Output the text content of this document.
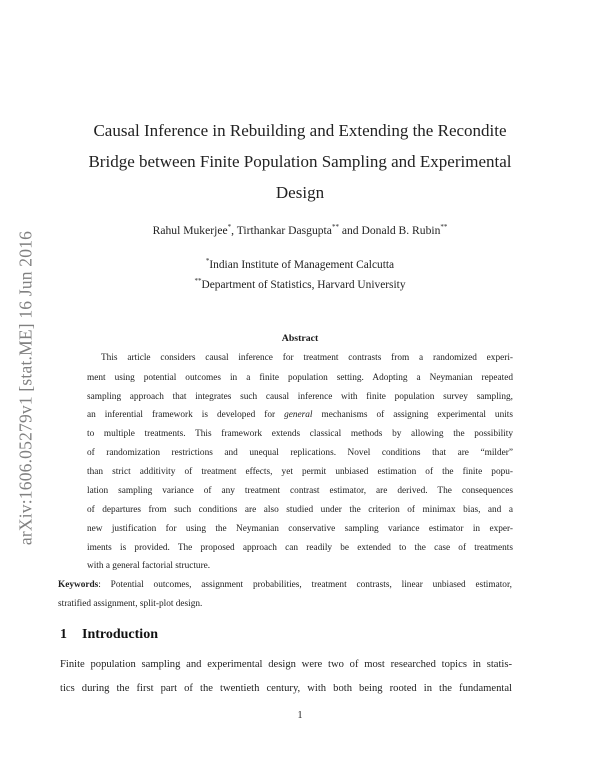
arXiv:1606.05279v1 [stat.ME] 16 Jun 2016
Causal Inference in Rebuilding and Extending the Recondite
Bridge between Finite Population Sampling and Experimental
Design
Rahul Mukerjee*, Tirthankar Dasgupta** and Donald B. Rubin**
*Indian Institute of Management Calcutta
**Department of Statistics, Harvard University
Abstract
This article considers causal inference for treatment contrasts from a randomized experi-
ment using potential outcomes in a finite population setting. Adopting a Neymanian repeated
sampling approach that integrates such causal inference with finite population survey sampling,
an inferential framework is developed for general mechanisms of assigning experimental units
to multiple treatments. This framework extends classical methods by allowing the possibility
of randomization restrictions and unequal replications. Novel conditions that are “milder”
than strict additivity of treatment effects, yet permit unbiased estimation of the finite popu-
lation sampling variance of any treatment contrast estimator, are derived. The consequences
of departures from such conditions are also studied under the criterion of minimax bias, and a
new justification for using the Neymanian conservative sampling variance estimator in exper-
iments is provided. The proposed approach can readily be extended to the case of treatments
with a general factorial structure.
Keywords: Potential outcomes, assignment probabilities, treatment contrasts, linear unbiased estimator,
stratified assignment, split-plot design.
1 Introduction
Finite population sampling and experimental design were two of most researched topics in statis-
tics during the first part of the twentieth century, with both being rooted in the fundamental
1
